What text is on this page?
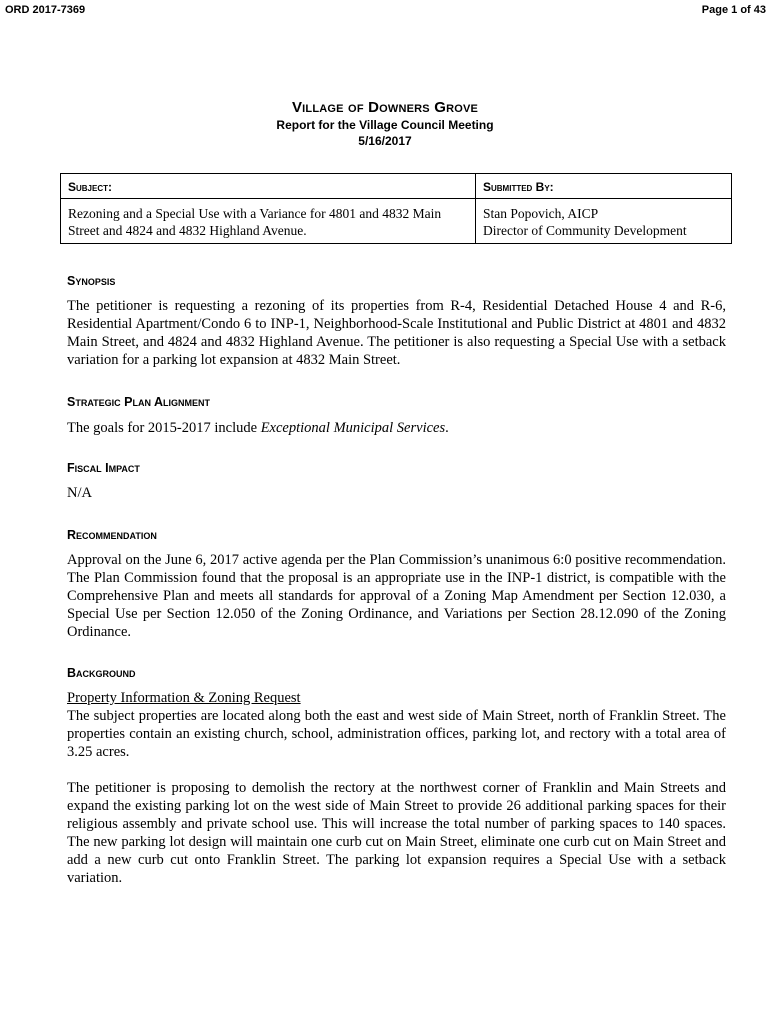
ORD 2017-7369	Page 1 of 43
Village of Downers Grove
Report for the Village Council Meeting
5/16/2017
Subject:	Submitted By:
Rezoning and a Special Use with a Variance for 4801 and 4832 Main Street and 4824 and 4832 Highland Avenue.	Stan Popovich, AICP
Director of Community Development
Synopsis
The petitioner is requesting a rezoning of its properties from R-4, Residential Detached House 4 and R-6, Residential Apartment/Condo 6 to INP-1, Neighborhood-Scale Institutional and Public District at 4801 and 4832 Main Street, and 4824 and 4832 Highland Avenue. The petitioner is also requesting a Special Use with a setback variation for a parking lot expansion at 4832 Main Street.
Strategic Plan Alignment
The goals for 2015-2017 include Exceptional Municipal Services.
Fiscal Impact
N/A
Recommendation
Approval on the June 6, 2017 active agenda per the Plan Commission’s unanimous 6:0 positive recommendation. The Plan Commission found that the proposal is an appropriate use in the INP-1 district, is compatible with the Comprehensive Plan and meets all standards for approval of a Zoning Map Amendment per Section 12.030, a Special Use per Section 12.050 of the Zoning Ordinance, and Variations per Section 28.12.090 of the Zoning Ordinance.
Background
Property Information & Zoning Request
The subject properties are located along both the east and west side of Main Street, north of Franklin Street. The properties contain an existing church, school, administration offices, parking lot, and rectory with a total area of 3.25 acres.
The petitioner is proposing to demolish the rectory at the northwest corner of Franklin and Main Streets and expand the existing parking lot on the west side of Main Street to provide 26 additional parking spaces for their religious assembly and private school use. This will increase the total number of parking spaces to 140 spaces. The new parking lot design will maintain one curb cut on Main Street, eliminate one curb cut on Main Street and add a new curb cut onto Franklin Street. The parking lot expansion requires a Special Use with a setback variation.
